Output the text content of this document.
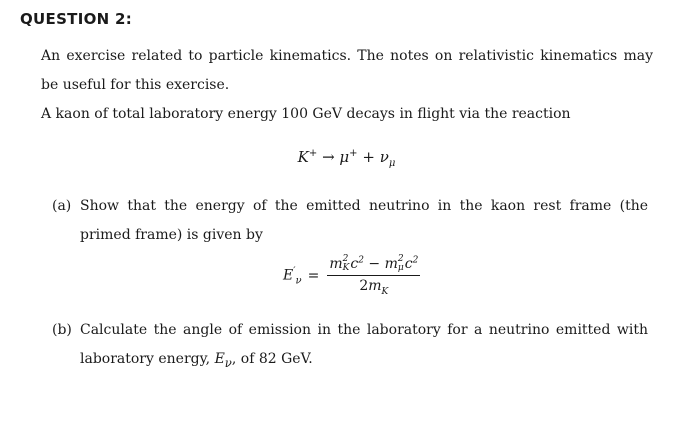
QUESTION 2:
An exercise related to particle kinematics. The notes on relativistic kinematics may be useful for this exercise.
A kaon of total laboratory energy 100 GeV decays in flight via the reaction
$K^+ \to \mu^+ + \nu_\mu$
(a) Show that the energy of the emitted neutrino in the kaon rest frame (the primed frame) is given by
$E'_\nu = m$ 2
K $c^2 - m$ 2
μ $c^2$
$2m_K$
(b) Calculate the angle of emission in the laboratory for a neutrino emitted with laboratory energy, $E_\nu$, of 82 GeV.
